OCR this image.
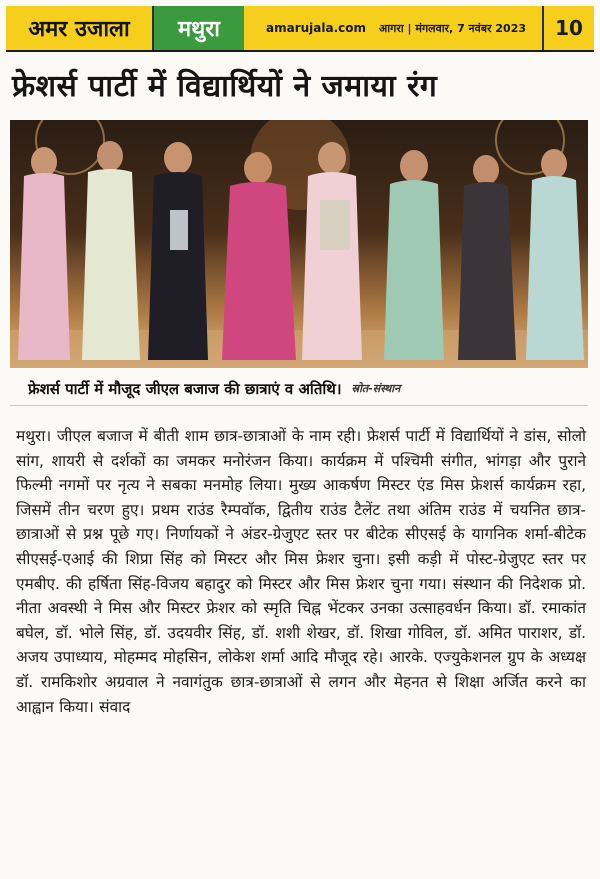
अमर उजाला	मथुरा	amarujala.com आगरा | मंगलवार, 7 नवंबर 2023	10
फ्रेशर्स पार्टी में विद्यार्थियों ने जमाया रंग
फ्रेशर्स पार्टी में मौजूद जीएल बजाज की छात्राएं व अतिथि। स्रोत-संस्थान

मथुरा। जीएल बजाज में बीती शाम छात्र-छात्राओं के नाम रही। फ्रेशर्स पार्टी में विद्यार्थियों ने डांस, सोलो सांग, शायरी से दर्शकों का जमकर मनोरंजन किया। कार्यक्रम में पश्चिमी संगीत, भांगड़ा और पुराने फिल्मी नगमों पर नृत्य ने सबका मनमोह लिया। मुख्य आकर्षण मिस्टर एंड मिस फ्रेशर्स कार्यक्रम रहा, जिसमें तीन चरण हुए। प्रथम राउंड रैम्पवॉक, द्वितीय राउंड टैलेंट तथा अंतिम राउंड में चयनित छात्र-छात्राओं से प्रश्न पूछे गए। निर्णायकों ने अंडर-ग्रेजुएट स्तर पर बीटेक सीएसई के यागनिक शर्मा-बीटेक सीएसई-एआई की शिप्रा सिंह को मिस्टर और मिस फ्रेशर चुना। इसी कड़ी में पोस्ट-ग्रेजुएट स्तर पर एमबीए. की हर्षिता सिंह-विजय बहादुर को मिस्टर और मिस फ्रेशर चुना गया। संस्थान की निदेशक प्रो. नीता अवस्थी ने मिस और मिस्टर फ्रेशर को स्मृति चिह्न भेंटकर उनका उत्साहवर्धन किया। डॉ. रमाकांत बघेल, डॉ. भोले सिंह, डॉ. उदयवीर सिंह, डॉ. शशी शेखर, डॉ. शिखा गोविल, डॉ. अमित पाराशर, डॉ. अजय उपाध्याय, मोहम्मद मोहसिन, लोकेश शर्मा आदि मौजूद रहे। आरके. एज्युकेशनल ग्रुप के अध्यक्ष डॉ. रामकिशोर अग्रवाल ने नवागंतुक छात्र-छात्राओं से लगन और मेहनत से शिक्षा अर्जित करने का आह्वान किया। संवाद
